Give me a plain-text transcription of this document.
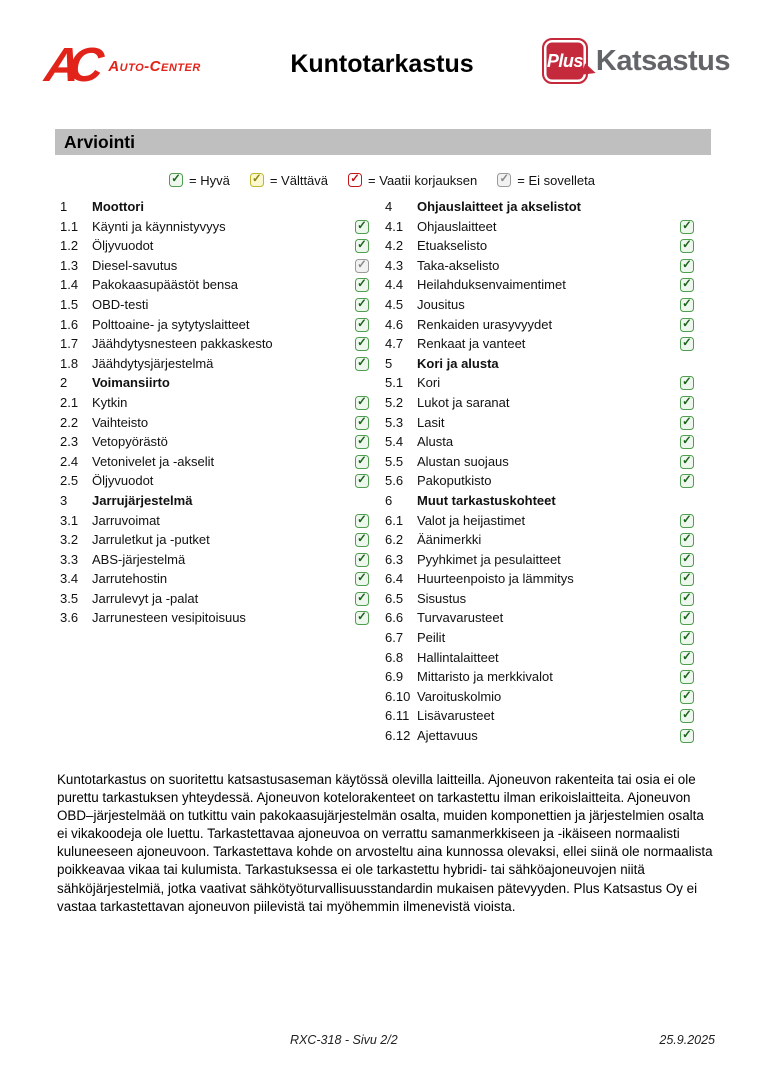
AC Auto-Center	Kuntotarkastus	Plus Katsastus
Arviointi
✓ = Hyvä ✓ = Välttävä ✓ = Vaatii korjauksen ✓ = Ei sovelleta
1 Moottori
1.1 Käynti ja käynnistyvyys	✓
1.2 Öljyvuodot	✓
1.3 Diesel-savutus	✓
1.4 Pakokaasupäästöt bensa	✓
1.5 OBD-testi	✓
1.6 Polttoaine- ja sytytyslaitteet	✓
1.7 Jäähdytysnesteen pakkaskesto	✓
1.8 Jäähdytysjärjestelmä	✓
2 Voimansiirto
2.1 Kytkin	✓
2.2 Vaihteisto	✓
2.3 Vetopyörästö	✓
2.4 Vetonivelet ja -akselit	✓
2.5 Öljyvuodot	✓
3 Jarrujärjestelmä
3.1 Jarruvoimat	✓
3.2 Jarruletkut ja -putket	✓
3.3 ABS-järjestelmä	✓
3.4 Jarrutehostin	✓
3.5 Jarrulevyt ja -palat	✓
3.6 Jarrunesteen vesipitoisuus	✓
4 Ohjauslaitteet ja akselistot
4.1 Ohjauslaitteet	✓
4.2 Etuakselisto	✓
4.3 Taka-akselisto	✓
4.4 Heilahduksenvaimentimet	✓
4.5 Jousitus	✓
4.6 Renkaiden urasyvyydet	✓
4.7 Renkaat ja vanteet	✓
5 Kori ja alusta
5.1 Kori	✓
5.2 Lukot ja saranat	✓
5.3 Lasit	✓
5.4 Alusta	✓
5.5 Alustan suojaus	✓
5.6 Pakoputkisto	✓
6 Muut tarkastuskohteet
6.1 Valot ja heijastimet	✓
6.2 Äänimerkki	✓
6.3 Pyyhkimet ja pesulaitteet	✓
6.4 Huurteenpoisto ja lämmitys	✓
6.5 Sisustus	✓
6.6 Turvavarusteet	✓
6.7 Peilit	✓
6.8 Hallintalaitteet	✓
6.9 Mittaristo ja merkkivalot	✓
6.10 Varoituskolmio	✓
6.11 Lisävarusteet	✓
6.12 Ajettavuus	✓

Kuntotarkastus on suoritettu katsastusaseman käytössä olevilla laitteilla. Ajoneuvon rakenteita tai osia ei ole purettu tarkastuksen yhteydessä. Ajoneuvon kotelorakenteet on tarkastettu ilman erikoislaitteita. Ajoneuvon OBD–järjestelmää on tutkittu vain pakokaasujärjestelmän osalta, muiden komponettien ja järjestelmien osalta ei vikakoodeja ole luettu. Tarkastettavaa ajoneuvoa on verrattu samanmerkkiseen ja -ikäiseen normaalisti kuluneeseen ajoneuvoon. Tarkastettava kohde on arvosteltu aina kunnossa olevaksi, ellei siinä ole normaalista poikkeavaa vikaa tai kulumista. Tarkastuksessa ei ole tarkastettu hybridi- tai sähköajoneuvojen niitä sähköjärjestelmiä, jotka vaativat sähkötyöturvallisuusstandardin mukaisen pätevyyden. Plus Katsastus Oy ei vastaa tarkastettavan ajoneuvon piilevistä tai myöhemmin ilmenevistä vioista.

RXC-318 - Sivu 2/2	25.9.2025
